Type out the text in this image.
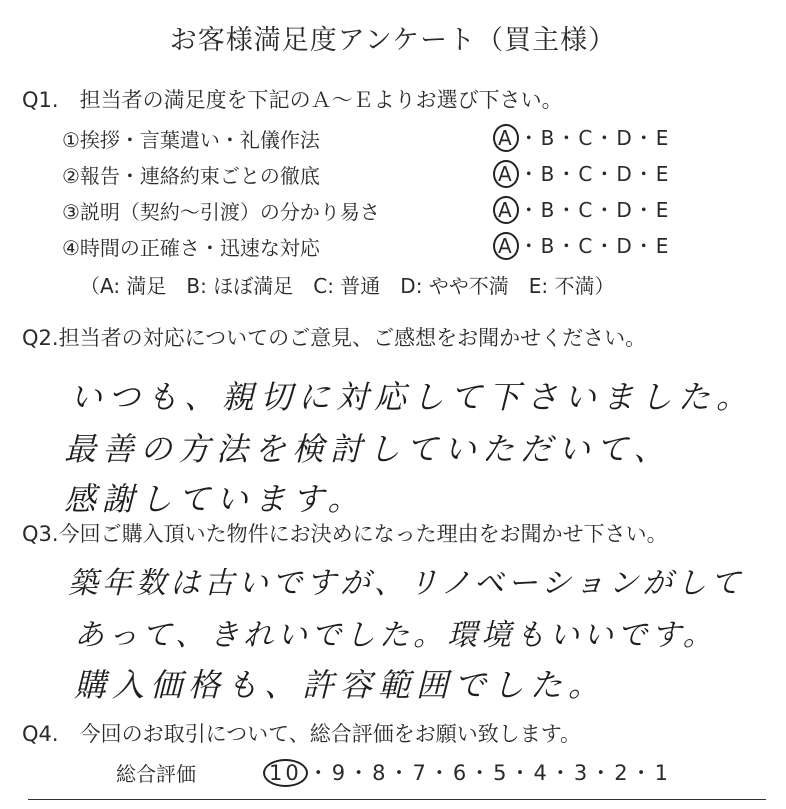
お客様満足度アンケート（買主様）
Q1.　担当者の満足度を下記のＡ～Ｅよりお選び下さい。
①挨拶・言葉遣い・礼儀作法	A ・B・C・D・E
②報告・連絡約束ごとの徹底	A ・B・C・D・E
③説明（契約～引渡）の分かり易さ	A ・B・C・D・E
④時間の正確さ・迅速な対応	A ・B・C・D・E
（A: 満足　B: ほぼ満足　C: 普通　D: やや不満　E: 不満）
Q2.担当者の対応についてのご意見、ご感想をお聞かせください。
いつも、親切に対応して下さいました。
最善の方法を検討していただいて、
感謝しています。
Q3.今回ご購入頂いた物件にお決めになった理由をお聞かせ下さい。
築年数は古いですが、リノベーションがして
あって、きれいでした。環境もいいです。
購入価格も、許容範囲でした。
Q4.　今回のお取引について、総合評価をお願い致します。
総合評価	10 ・9・8・7・6・5・4・3・2・1
